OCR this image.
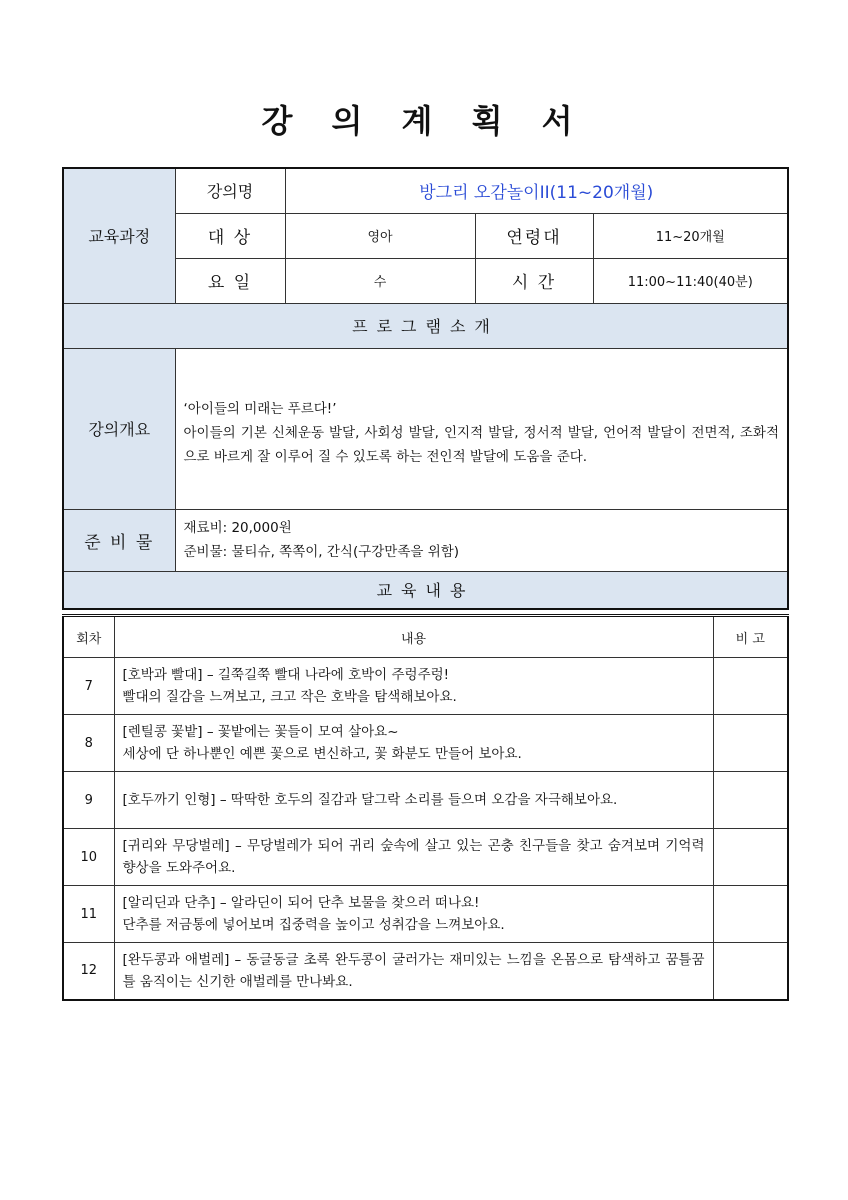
강 의 계 획 서
교육과정	강의명	방그리 오감놀이II(11~20개월)		
	대 상	영아	연령대	11~20개월
	요 일	수	시 간	11:00~11:40(40분)
프로그램소개				
강의개요	‘아이들의 미래는 푸르다!’
아이들의 기본 신체운동 발달, 사회성 발달, 인지적 발달, 정서적 발달, 언어적 발달이 전면적, 조화적으로 바르게 잘 이루어 질 수 있도록 하는 전인적 발달에 도움을 준다.			

준 비 물	재료비: 20,000원
준비물: 물티슈, 쪽쪽이, 간식(구강만족을 위함)			

교육내용				
회차	내용	비 고
7	[호박과 빨대] – 길쭉길쭉 빨대 나라에 호박이 주렁주렁!
빨대의 질감을 느껴보고, 크고 작은 호박을 탐색해보아요.	
8	[렌틸콩 꽃밭] – 꽃밭에는 꽃들이 모여 살아요~
세상에 단 하나뿐인 예쁜 꽃으로 변신하고, 꽃 화분도 만들어 보아요.	
9	[호두까기 인형] – 딱딱한 호두의 질감과 달그락 소리를 들으며 오감을 자극해보아요.	
10	[귀리와 무당벌레] – 무당벌레가 되어 귀리 숲속에 살고 있는 곤충 친구들을 찾고 숨겨보며 기억력 향상을 도와주어요.	
11	[알리딘과 단추] – 알라딘이 되어 단추 보물을 찾으러 떠나요!
단추를 저금통에 넣어보며 집중력을 높이고 성취감을 느껴보아요.	
12	[완두콩과 애벌레] – 동글동글 초록 완두콩이 굴러가는 재미있는 느낌을 온몸으로 탐색하고 꿈틀꿈틀 움직이는 신기한 애벌레를 만나봐요.	
